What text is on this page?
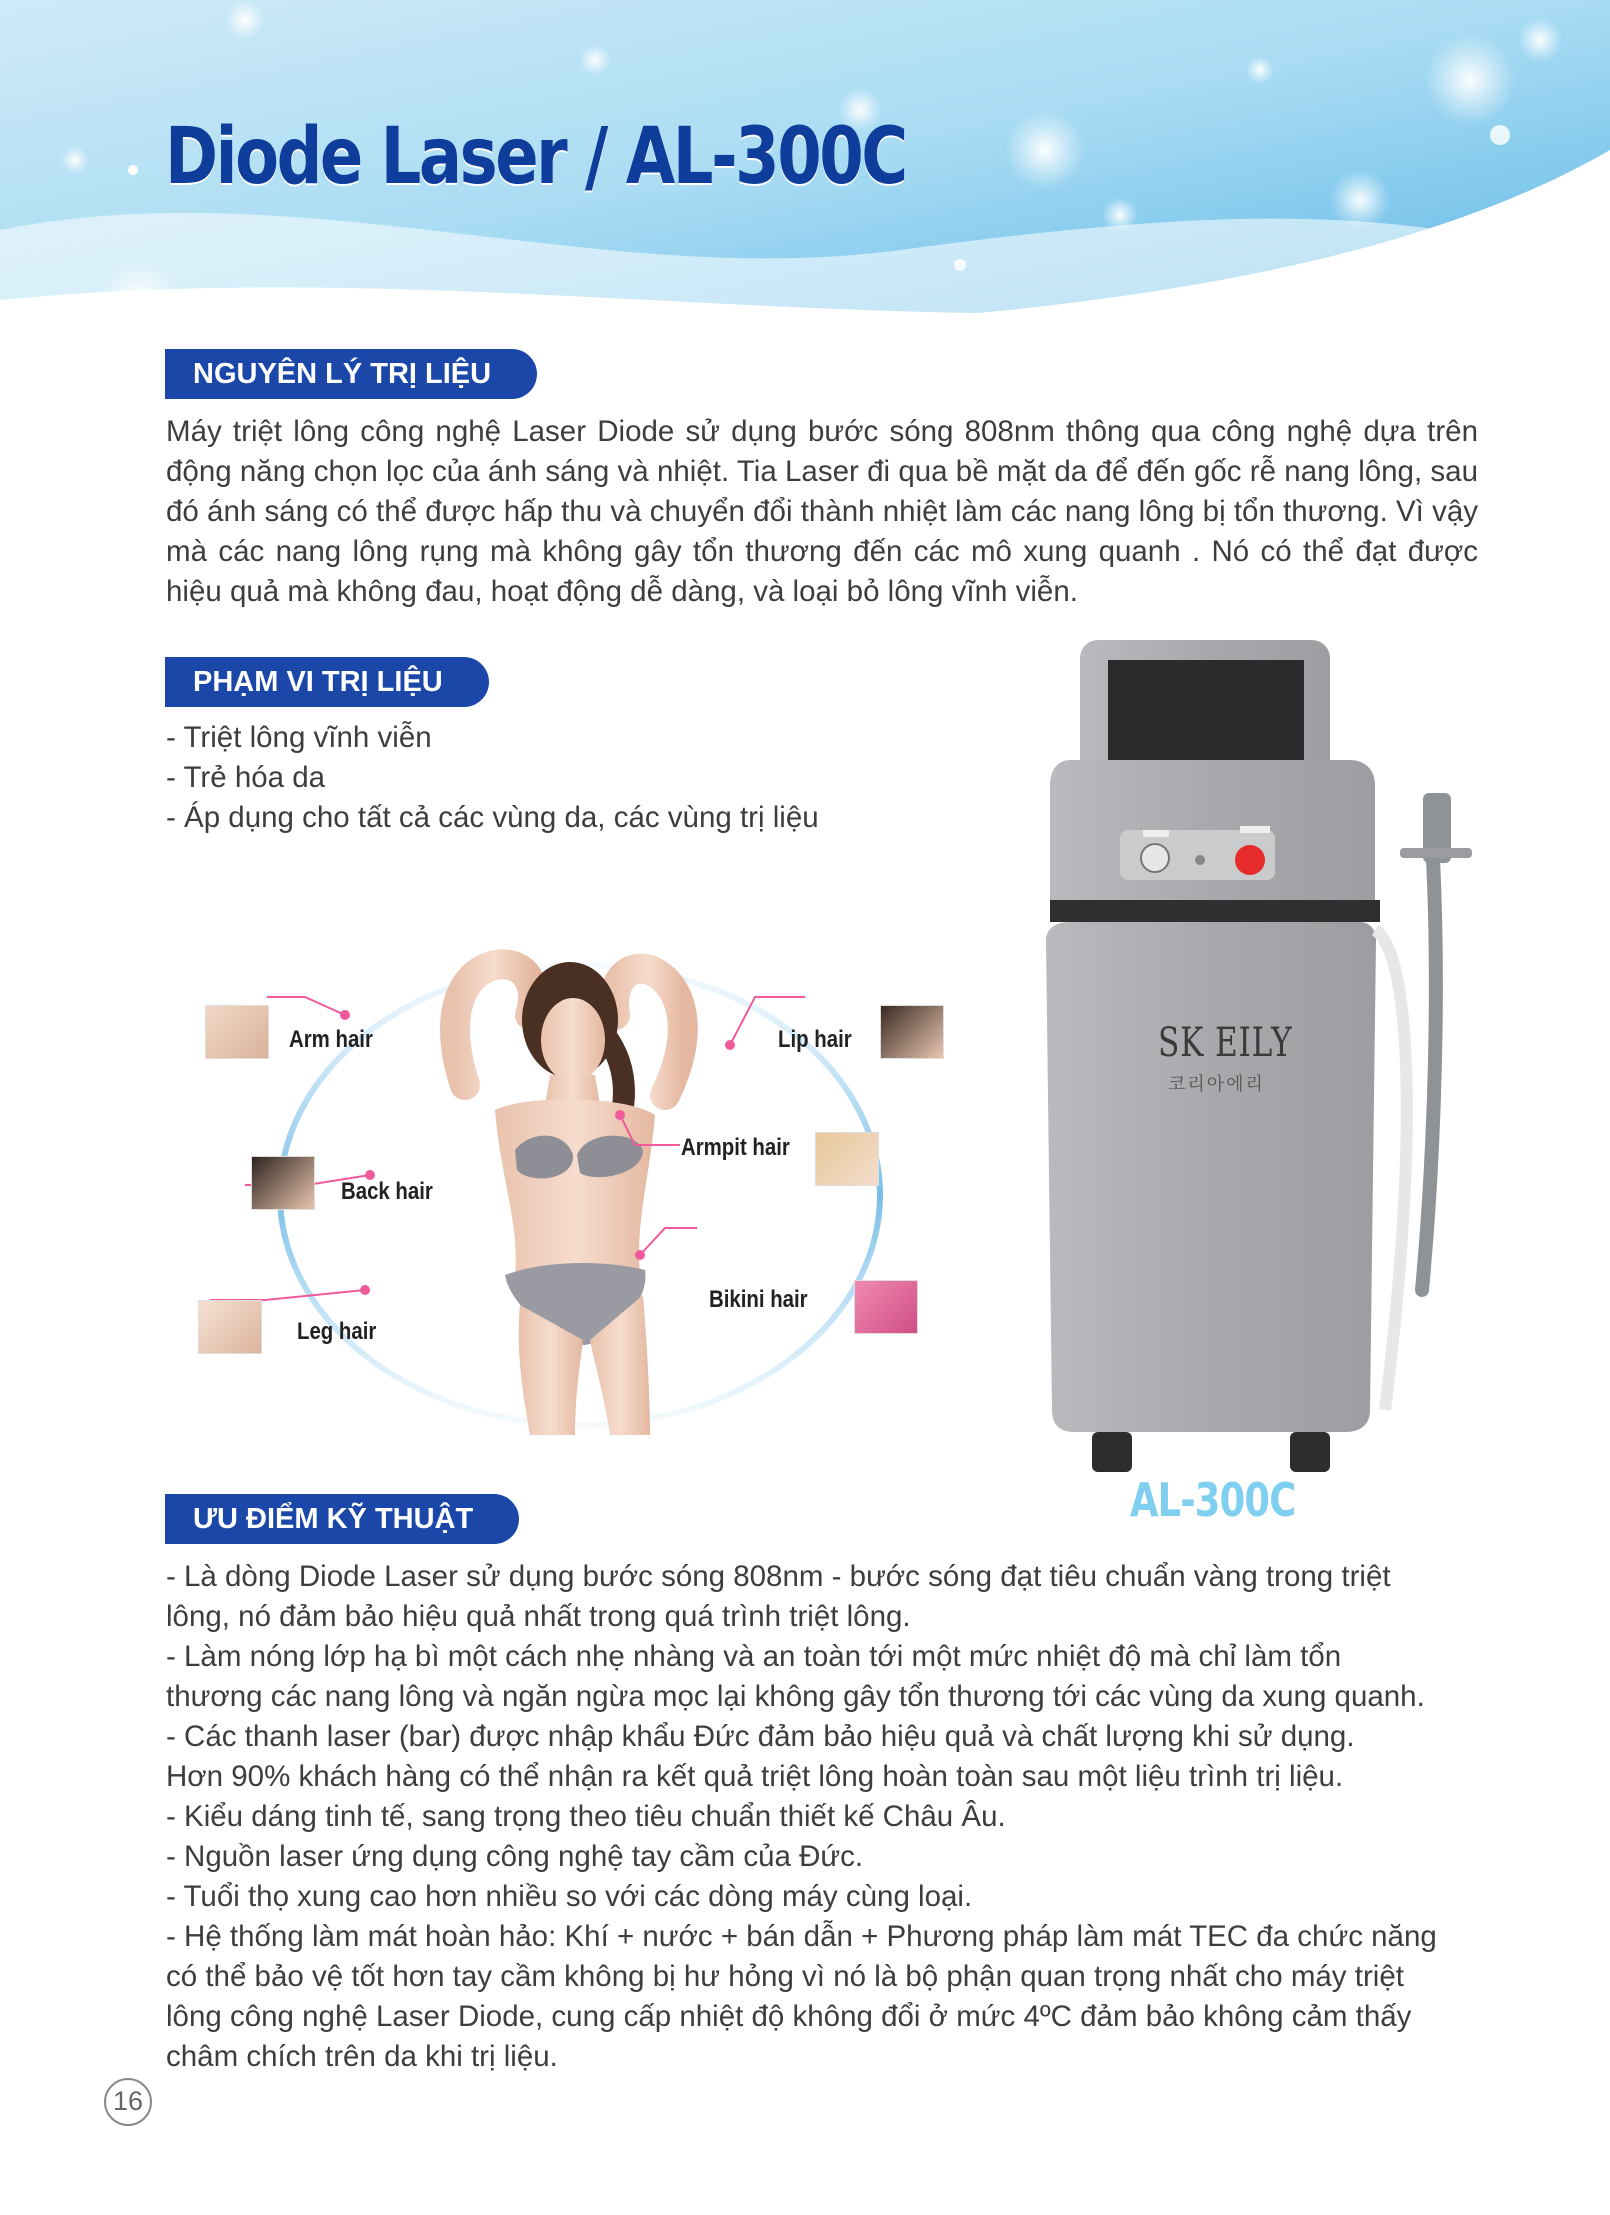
Diode Laser / AL-300C
NGUYÊN LÝ TRỊ LIỆU
Máy triệt lông công nghệ Laser Diode sử dụng bước sóng 808nm thông qua công nghệ dựa trên động năng chọn lọc của ánh sáng và nhiệt. Tia Laser đi qua bề mặt da để đến gốc rễ nang lông, sau đó ánh sáng có thể được hấp thu và chuyển đổi thành nhiệt làm các nang lông bị tổn thương. Vì vậy mà các nang lông rụng mà không gây tổn thương đến các mô xung quanh . Nó có thể đạt được hiệu quả mà không đau, hoạt động dễ dàng, và loại bỏ lông vĩnh viễn.
PHẠM VI TRỊ LIỆU
- Triệt lông vĩnh viễn
- Trẻ hóa da
- Áp dụng cho tất cả các vùng da, các vùng trị liệu
Arm hair	Lip hair
Armpit hair
Back hair
Bikini hair
Leg hair
SK EILY
코리아에리
AL-300C
ƯU ĐIỂM KỸ THUẬT
- Là dòng Diode Laser sử dụng bước sóng 808nm - bước sóng đạt tiêu chuẩn vàng trong triệt
lông, nó đảm bảo hiệu quả nhất trong quá trình triệt lông.
- Làm nóng lớp hạ bì một cách nhẹ nhàng và an toàn tới một mức nhiệt độ mà chỉ làm tổn
thương các nang lông và ngăn ngừa mọc lại không gây tổn thương tới các vùng da xung quanh.
- Các thanh laser (bar) được nhập khẩu Đức đảm bảo hiệu quả và chất lượng khi sử dụng.
Hơn 90% khách hàng có thể nhận ra kết quả triệt lông hoàn toàn sau một liệu trình trị liệu.
- Kiểu dáng tinh tế, sang trọng theo tiêu chuẩn thiết kế Châu Âu.
- Nguồn laser ứng dụng công nghệ tay cầm của Đức.
- Tuổi thọ xung cao hơn nhiều so với các dòng máy cùng loại.
- Hệ thống làm mát hoàn hảo: Khí + nước + bán dẫn + Phương pháp làm mát TEC đa chức năng
có thể bảo vệ tốt hơn tay cầm không bị hư hỏng vì nó là bộ phận quan trọng nhất cho máy triệt
lông công nghệ Laser Diode, cung cấp nhiệt độ không đổi ở mức 4ºC đảm bảo không cảm thấy
châm chích trên da khi trị liệu.
16
